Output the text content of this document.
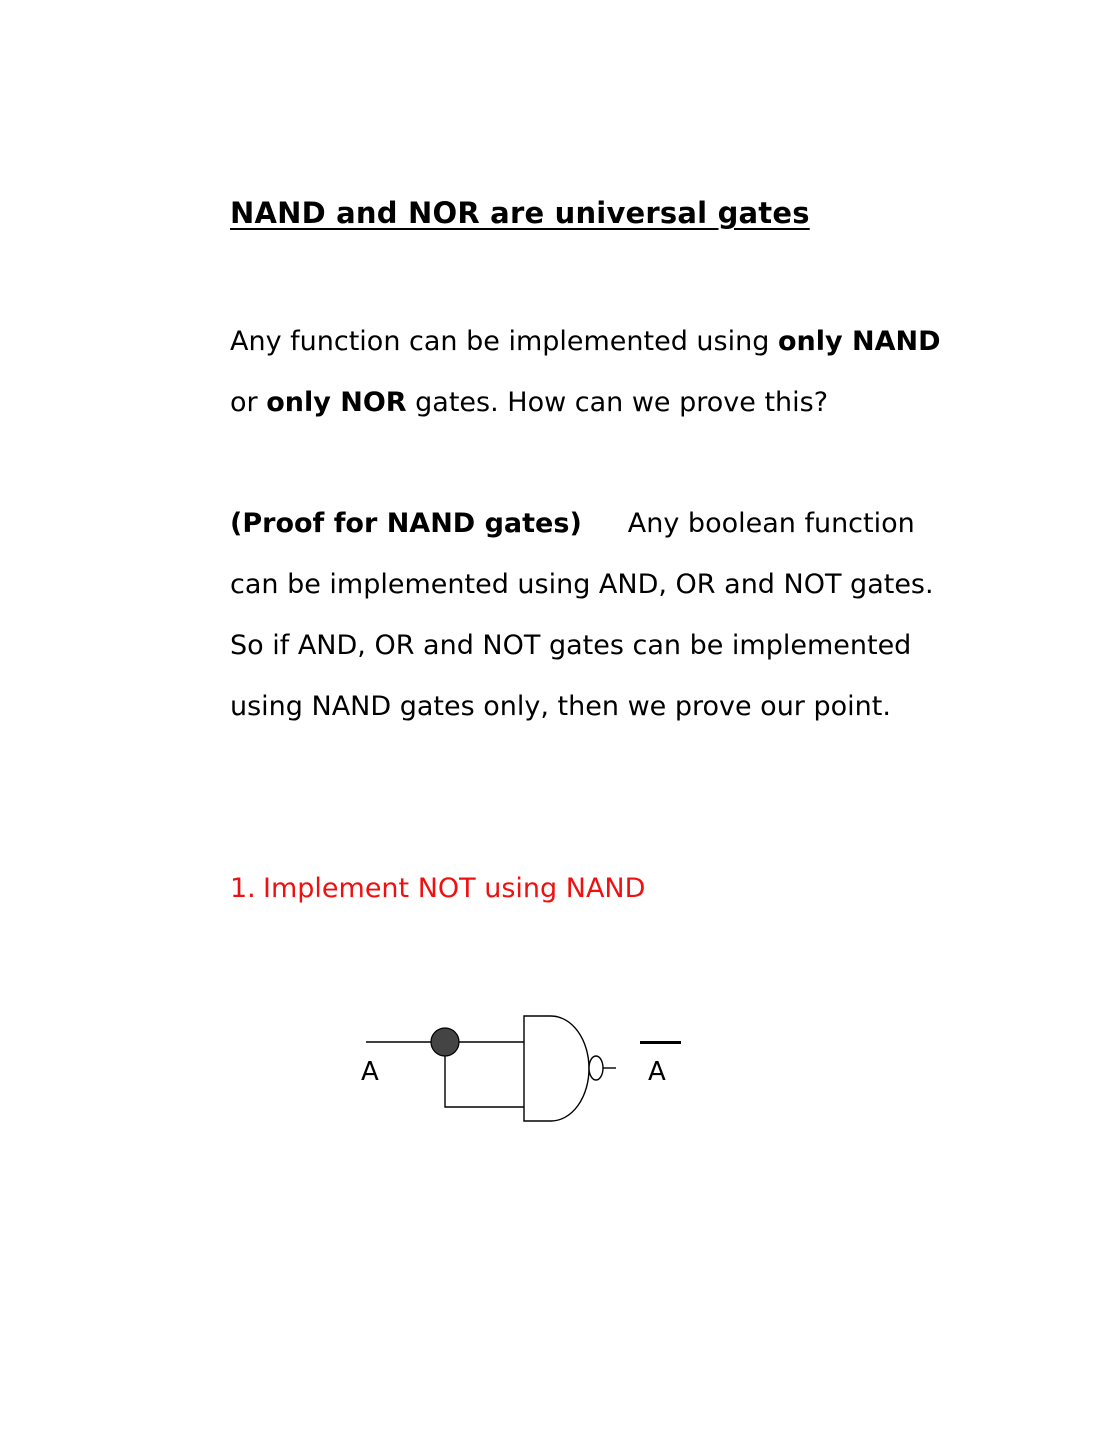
NAND and NOR are universal gates
Any function can be implemented using only NAND
or only NOR gates. How can we prove this?
(Proof for NAND gates) Any boolean function
can be implemented using AND, OR and NOT gates.
So if AND, OR and NOT gates can be implemented
using NAND gates only, then we prove our point.
1. Implement NOT using NAND
A	A
